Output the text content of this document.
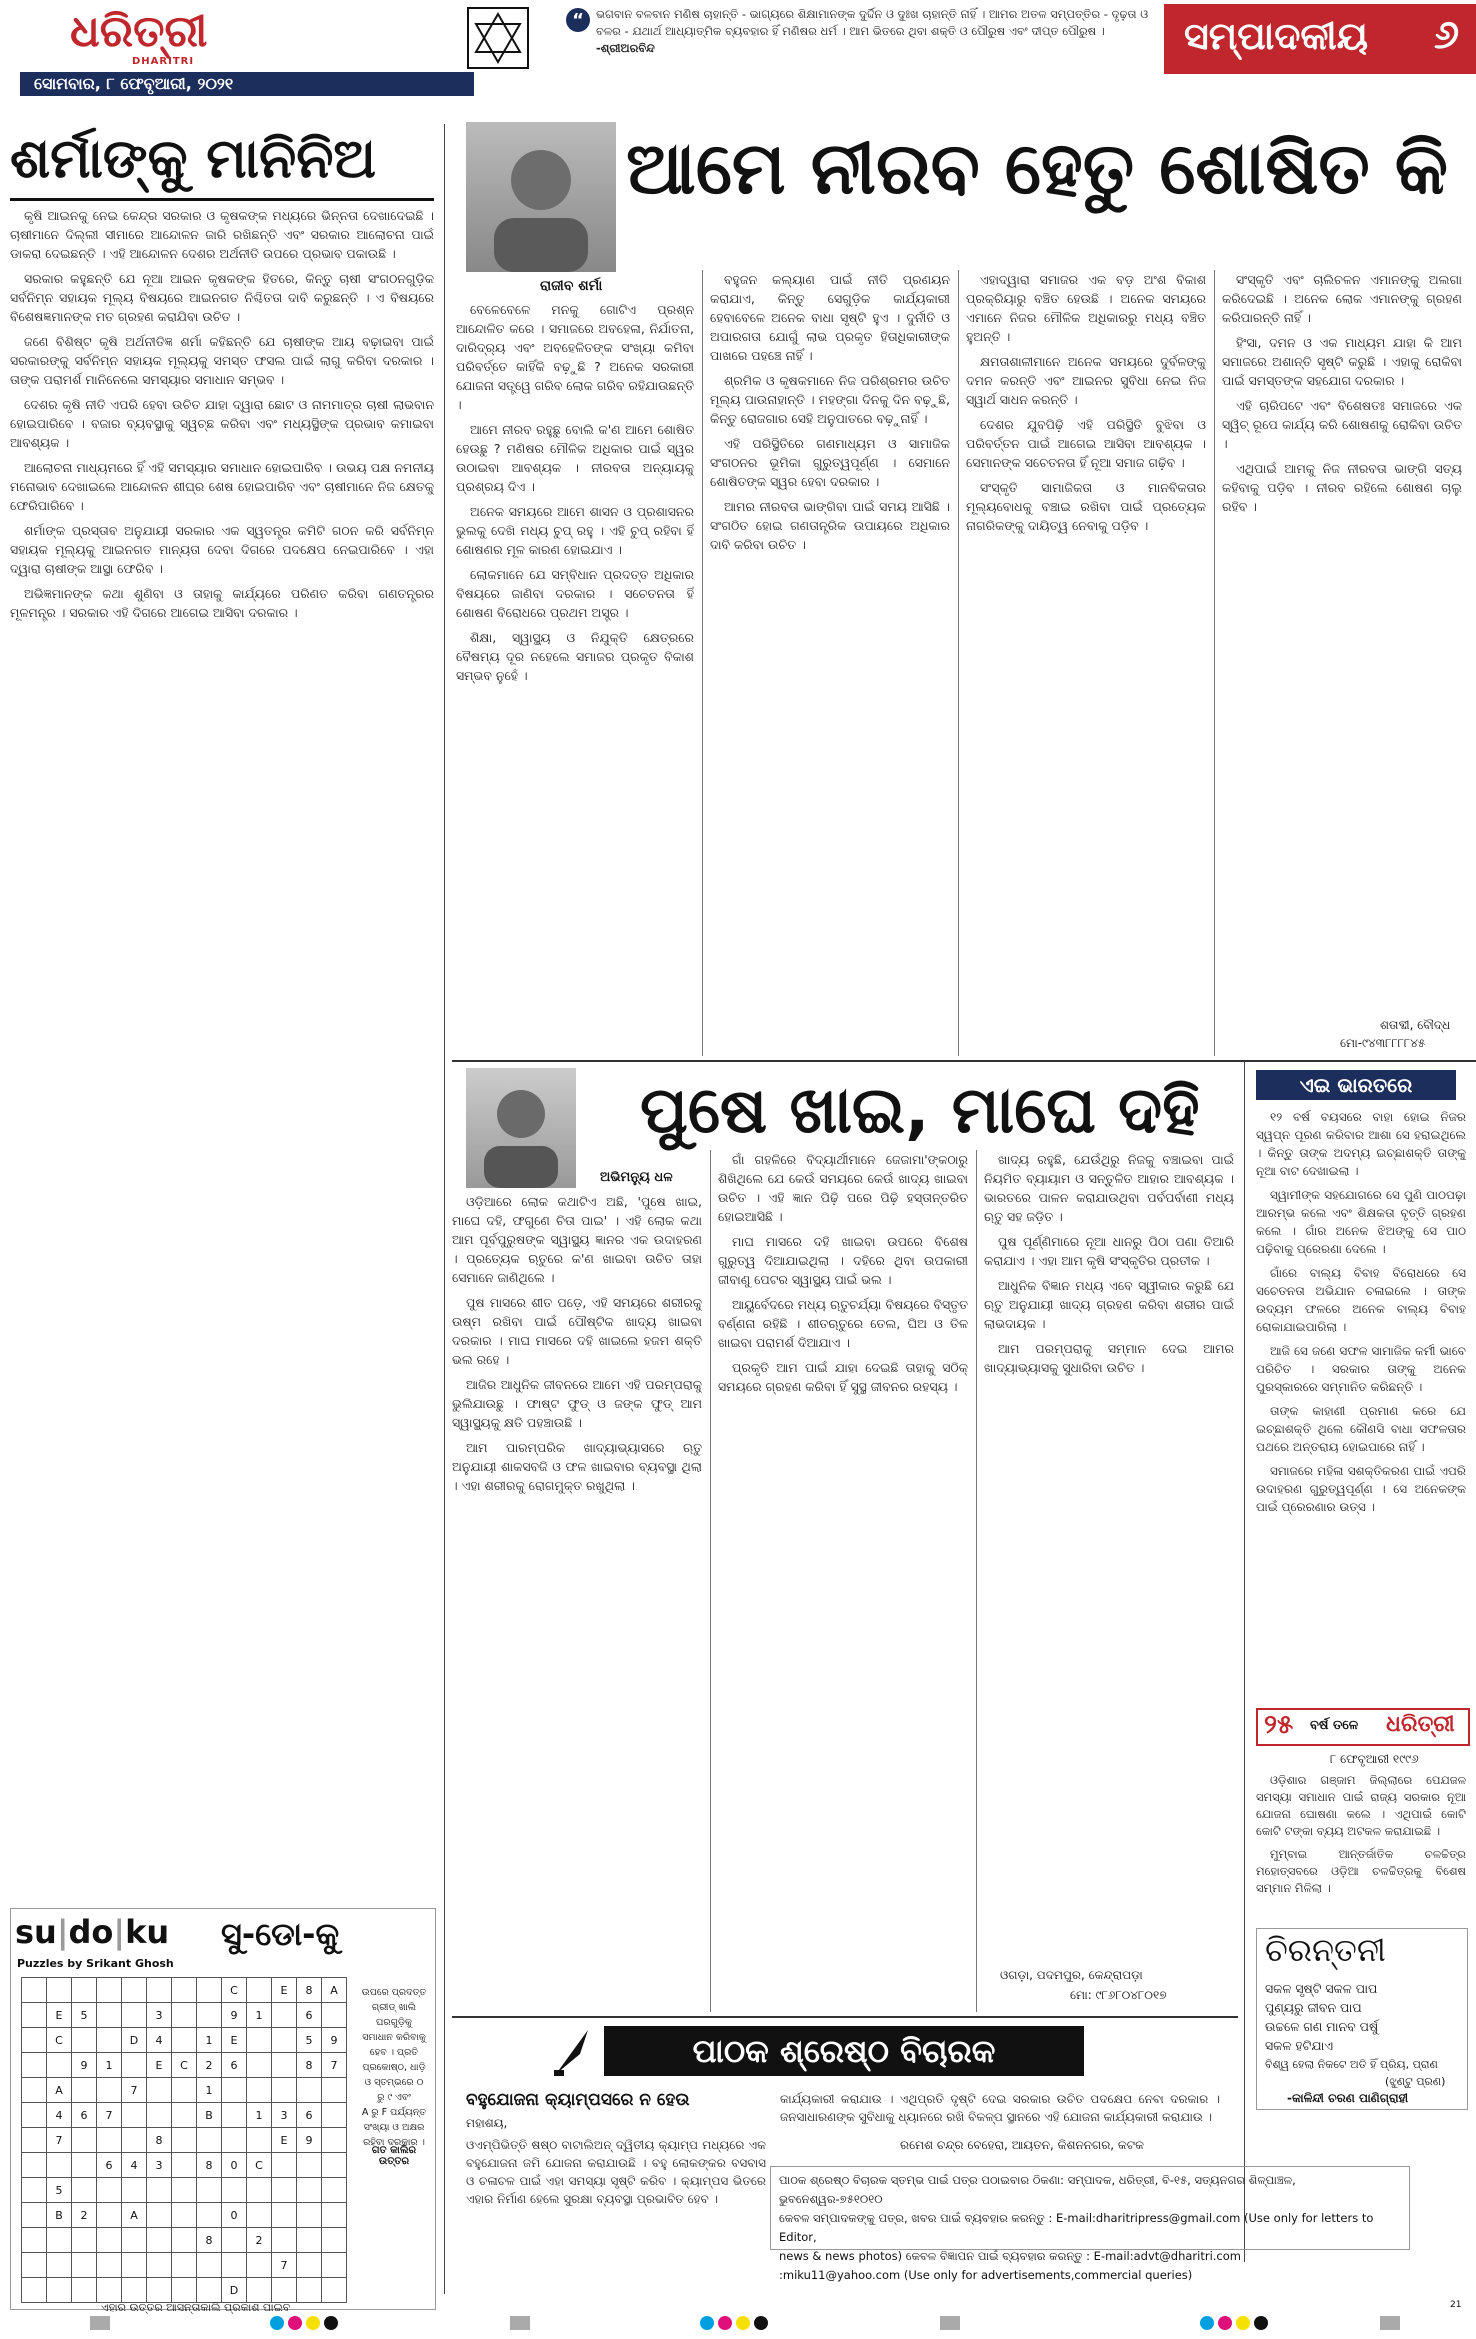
ଧରିତ୍ରୀ
DHARITRI
ସୋମବାର, ୮ ଫେବୃଆରୀ, ୨୦୨୧
“	ଭଗବାନ ବଳବାନ ମଣିଷ ଚାହାନ୍ତି - ଭାଗ୍ୟରେ ଶିକ୍ଷାମାନଙ୍କ ଦୁର୍ଦ୍ଦିନ ଓ ଦୁଃଖ ଚାହାନ୍ତି ନାହିଁ । ଆମର ଅତଳ ସମ୍ପତ୍ତିର - ଦୃଢ଼ତା ଓ ବଳର - ଯଥାର୍ଥ ଆଧ୍ୟାତ୍ମିକ ବ୍ୟବହାର ହିଁ ମଣିଷର ଧର୍ମ । ଆମ ଭିତରେ ଥିବା ଶକ୍ତି ଓ ପୌରୁଷ ଏବଂ ଦୀପ୍ତ ପୌରୁଷ । -ଶ୍ରୀଅରବିନ୍ଦ	ସମ୍ପାଦକୀୟ ୬
ଶର୍ମାଙ୍କୁ ମାନିନିଅ

କୃଷି ଆଇନକୁ ନେଇ କେନ୍ଦ୍ର ସରକାର ଓ କୃଷକଙ୍କ ମଧ୍ୟରେ ଭିନ୍ନତା ଦେଖାଦେଇଛି । ଚାଷୀମାନେ ଦିଲ୍ଲୀ ସୀମାରେ ଆନ୍ଦୋଳନ ଜାରି ରଖିଛନ୍ତି ଏବଂ ସରକାର ଆଲୋଚନା ପାଇଁ ଡାକରା ଦେଇଛନ୍ତି । ଏହି ଆନ୍ଦୋଳନ ଦେଶର ଅର୍ଥନୀତି ଉପରେ ପ୍ରଭାବ ପକାଉଛି ।

ସରକାର କହୁଛନ୍ତି ଯେ ନୂଆ ଆଇନ କୃଷକଙ୍କ ହିତରେ, କିନ୍ତୁ ଚାଷୀ ସଂଗଠନଗୁଡ଼ିକ ସର୍ବନିମ୍ନ ସହାୟକ ମୂଲ୍ୟ ବିଷୟରେ ଆଇନଗତ ନିଶ୍ଚିତତା ଦାବି କରୁଛନ୍ତି । ଏ ବିଷୟରେ ବିଶେଷଜ୍ଞମାନଙ୍କ ମତ ଗ୍ରହଣ କରାଯିବା ଉଚିତ ।

ଜଣେ ବିଶିଷ୍ଟ କୃଷି ଅର୍ଥନୀତିଜ୍ଞ ଶର୍ମା କହିଛନ୍ତି ଯେ ଚାଷୀଙ୍କ ଆୟ ବଢ଼ାଇବା ପାଇଁ ସରକାରଙ୍କୁ ସର୍ବନିମ୍ନ ସହାୟକ ମୂଲ୍ୟକୁ ସମସ୍ତ ଫସଲ ପାଇଁ ଲାଗୁ କରିବା ଦରକାର । ତାଙ୍କ ପରାମର୍ଶ ମାନିନେଲେ ସମସ୍ୟାର ସମାଧାନ ସମ୍ଭବ ।

ଦେଶର କୃଷି ନୀତି ଏପରି ହେବା ଉଚିତ ଯାହା ଦ୍ୱାରା ଛୋଟ ଓ ନାମମାତ୍ର ଚାଷୀ ଲାଭବାନ ହୋଇପାରିବେ । ବଜାର ବ୍ୟବସ୍ଥାକୁ ସ୍ୱଚ୍ଛ କରିବା ଏବଂ ମଧ୍ୟସ୍ଥିଙ୍କ ପ୍ରଭାବ କମାଇବା ଆବଶ୍ୟକ ।

ଆଲୋଚନା ମାଧ୍ୟମରେ ହିଁ ଏହି ସମସ୍ୟାର ସମାଧାନ ହୋଇପାରିବ । ଉଭୟ ପକ୍ଷ ନମନୀୟ ମନୋଭାବ ଦେଖାଇଲେ ଆନ୍ଦୋଳନ ଶୀଘ୍ର ଶେଷ ହୋଇପାରିବ ଏବଂ ଚାଷୀମାନେ ନିଜ କ୍ଷେତକୁ ଫେରିପାରିବେ ।

ଶର୍ମାଙ୍କ ପ୍ରସ୍ତାବ ଅନୁଯାୟୀ ସରକାର ଏକ ସ୍ୱତନ୍ତ୍ର କମିଟି ଗଠନ କରି ସର୍ବନିମ୍ନ ସହାୟକ ମୂଲ୍ୟକୁ ଆଇନଗତ ମାନ୍ୟତା ଦେବା ଦିଗରେ ପଦକ୍ଷେପ ନେଇପାରିବେ । ଏହା ଦ୍ୱାରା ଚାଷୀଙ୍କ ଆସ୍ଥା ଫେରିବ ।

ଅଭିଜ୍ଞମାନଙ୍କ କଥା ଶୁଣିବା ଓ ତାହାକୁ କାର୍ଯ୍ୟରେ ପରିଣତ କରିବା ଗଣତନ୍ତ୍ରର ମୂଳମନ୍ତ୍ର । ସରକାର ଏହି ଦିଗରେ ଆଗେଇ ଆସିବା ଦରକାର ।

su|do|ku
Puzzles by Srikant Ghosh
ସୁ-ଡୋ-କୁ
								C		E	8	A
	E	5			3			9	1		6	
	C			D	4		1	E			5	9
		9	1		E	C	2	6			8	7
	A			7			1					
	4	6	7				B		1	3	6	
	7				8					E	9	
			6	4	3		8	0	C			
	5											
	B	2		A				0				
							8		2			
										7		
								D				
ଏହାର ଉତ୍ତର ଆସନ୍ତାକାଲି ପ୍ରକାଶ ପାଇବ
ଉପରେ ପ୍ରଦତ୍ତ
ଗ୍ରୀଡ୍ ଖାଲି ଘରଗୁଡ଼ିକୁ
ସମାଧାନ କରିବାକୁ
ହେବ । ପ୍ରତି
ପ୍ରକୋଷ୍ଠ, ଧାଡ଼ି
ଓ ସ୍ତମ୍ଭରେ ୦
ରୁ ୯ ଏବଂ
A ରୁ F ପର୍ଯ୍ୟନ୍ତ
ସଂଖ୍ୟା ଓ ଅକ୍ଷର
ରହିବା ଦରକାର ।
ଗତ କାଲିର ଉତ୍ତର
ଆମେ ନୀରବ ହେତୁ ଶୋଷିତ କି
ରାଜୀବ ଶର୍ମା

ବେଳେବେଳେ ମନକୁ ଗୋଟିଏ ପ୍ରଶ୍ନ ଆନ୍ଦୋଳିତ କରେ । ସମାଜରେ ଅବହେଳା, ନିର୍ଯାତନା, ଦାରିଦ୍ର୍ୟ ଏବଂ ଅବହେଳିତଙ୍କ ସଂଖ୍ୟା କମିବା ପରିବର୍ତ୍ତେ କାହିଁକି ବଢ଼ୁଛି ? ଅନେକ ସରକାରୀ ଯୋଜନା ସତ୍ତ୍ୱେ ଗରିବ ଲୋକ ଗରିବ ରହିଯାଉଛନ୍ତି ।

ଆମେ ନୀରବ ରହୁଛୁ ବୋଲି କ'ଣ ଆମେ ଶୋଷିତ ହେଉଛୁ ? ମଣିଷର ମୌଳିକ ଅଧିକାର ପାଇଁ ସ୍ୱର ଉଠାଇବା ଆବଶ୍ୟକ । ନୀରବତା ଅନ୍ୟାୟକୁ ପ୍ରଶ୍ରୟ ଦିଏ ।

ଅନେକ ସମୟରେ ଆମେ ଶାସନ ଓ ପ୍ରଶାସନର ଭୁଲକୁ ଦେଖି ମଧ୍ୟ ଚୁପ୍ ରହୁ । ଏହି ଚୁପ୍ ରହିବା ହିଁ ଶୋଷଣର ମୂଳ କାରଣ ହୋଇଯାଏ ।

ଲୋକମାନେ ଯେ ସମ୍ବିଧାନ ପ୍ରଦତ୍ତ ଅଧିକାର ବିଷୟରେ ଜାଣିବା ଦରକାର । ସଚେତନତା ହିଁ ଶୋଷଣ ବିରୋଧରେ ପ୍ରଥମ ଅସ୍ତ୍ର ।

ଶିକ୍ଷା, ସ୍ୱାସ୍ଥ୍ୟ ଓ ନିଯୁକ୍ତି କ୍ଷେତ୍ରରେ ବୈଷମ୍ୟ ଦୂର ନହେଲେ ସମାଜର ପ୍ରକୃତ ବିକାଶ ସମ୍ଭବ ନୁହେଁ ।

ବହୁଜନ କଲ୍ୟାଣ ପାଇଁ ନୀତି ପ୍ରଣୟନ କରାଯାଏ, କିନ୍ତୁ ସେଗୁଡ଼ିକ କାର୍ଯ୍ୟକାରୀ ହେବାବେଳେ ଅନେକ ବାଧା ସୃଷ୍ଟି ହୁଏ । ଦୁର୍ନୀତି ଓ ଅପାରଗତା ଯୋଗୁଁ ଲାଭ ପ୍ରକୃତ ହିତାଧିକାରୀଙ୍କ ପାଖରେ ପହଞ୍ଚେ ନାହିଁ ।

ଶ୍ରମିକ ଓ କୃଷକମାନେ ନିଜ ପରିଶ୍ରମର ଉଚିତ ମୂଲ୍ୟ ପାଉନାହାନ୍ତି । ମହଙ୍ଗା ଦିନକୁ ଦିନ ବଢ଼ୁଛି, କିନ୍ତୁ ରୋଜଗାର ସେହି ଅନୁପାତରେ ବଢ଼ୁନାହିଁ ।

ଏହି ପରିସ୍ଥିତିରେ ଗଣମାଧ୍ୟମ ଓ ସାମାଜିକ ସଂଗଠନର ଭୂମିକା ଗୁରୁତ୍ୱପୂର୍ଣ୍ଣ । ସେମାନେ ଶୋଷିତଙ୍କ ସ୍ୱର ହେବା ଦରକାର ।

ଆମର ନୀରବତା ଭାଙ୍ଗିବା ପାଇଁ ସମୟ ଆସିଛି । ସଂଗଠିତ ହୋଇ ଗଣତାନ୍ତ୍ରିକ ଉପାୟରେ ଅଧିକାର ଦାବି କରିବା ଉଚିତ ।

ଏହାଦ୍ୱାରା ସମାଜର ଏକ ବଡ଼ ଅଂଶ ବିକାଶ ପ୍ରକ୍ରିୟାରୁ ବଞ୍ଚିତ ହେଉଛି । ଅନେକ ସମୟରେ ଏମାନେ ନିଜର ମୌଳିକ ଅଧିକାରରୁ ମଧ୍ୟ ବଞ୍ଚିତ ହୁଅନ୍ତି ।

କ୍ଷମତାଶାଳୀମାନେ ଅନେକ ସମୟରେ ଦୁର୍ବଳଙ୍କୁ ଦମନ କରନ୍ତି ଏବଂ ଆଇନର ସୁବିଧା ନେଇ ନିଜ ସ୍ୱାର୍ଥ ସାଧନ କରନ୍ତି ।

ଦେଶର ଯୁବପିଢ଼ି ଏହି ପରିସ୍ଥିତି ବୁଝିବା ଓ ପରିବର୍ତ୍ତନ ପାଇଁ ଆଗେଇ ଆସିବା ଆବଶ୍ୟକ । ସେମାନଙ୍କ ସଚେତନତା ହିଁ ନୂଆ ସମାଜ ଗଢ଼ିବ ।

ସଂସ୍କୃତି ସାମାଜିକତା ଓ ମାନବିକତାର ମୂଲ୍ୟବୋଧକୁ ବଞ୍ଚାଇ ରଖିବା ପାଇଁ ପ୍ରତ୍ୟେକ ନାଗରିକଙ୍କୁ ଦାୟିତ୍ୱ ନେବାକୁ ପଡ଼ିବ ।

ସଂସ୍କୃତି ଏବଂ ଚାଲିଚଳନ ଏମାନଙ୍କୁ ଅଲଗା କରିଦେଇଛି । ଅନେକ ଲୋକ ଏମାନଙ୍କୁ ଗ୍ରହଣ କରିପାରନ୍ତି ନାହିଁ ।

ହିଂସା, ଦମନ ଓ ଏକ ମାଧ୍ୟମ ଯାହା କି ଆମ ସମାଜରେ ଅଶାନ୍ତି ସୃଷ୍ଟି କରୁଛି । ଏହାକୁ ରୋକିବା ପାଇଁ ସମସ୍ତଙ୍କ ସହଯୋଗ ଦରକାର ।

ଏହି ଚାରିପଟେ ଏବଂ ବିଶେଷତଃ ସମାଜରେ ଏକ ସ୍ୱିଚ୍ ରୂପେ କାର୍ଯ୍ୟ କରି ଶୋଷଣକୁ ରୋକିବା ଉଚିତ ।

ଏଥିପାଇଁ ଆମକୁ ନିଜ ନୀରବତା ଭାଙ୍ଗି ସତ୍ୟ କହିବାକୁ ପଡ଼ିବ । ନୀରବ ରହିଲେ ଶୋଷଣ ଚାଲୁ ରହିବ ।

ଶତାବ୍ଦୀ, ବୌଦ୍ଧ
ମୋ-୯୪୩୮୮୮୮୪୫
ପୁଷେ ଖାଇ, ମାଘେ ଦହି
ଅଭିମନ୍ୟୁ ଧଳ

ଓଡ଼ିଆରେ ଲୋକ କଥାଟିଏ ଅଛି, 'ପୁଷେ ଖାଇ, ମାଘେ ଦହି, ଫଗୁଣେ ଚିତା ପାଇ' । ଏହି ଲୋକ କଥା ଆମ ପୂର୍ବପୁରୁଷଙ୍କ ସ୍ୱାସ୍ଥ୍ୟ ଜ୍ଞାନର ଏକ ଉଦାହରଣ । ପ୍ରତ୍ୟେକ ଋତୁରେ କ'ଣ ଖାଇବା ଉଚିତ ତାହା ସେମାନେ ଜାଣିଥିଲେ ।

ପୁଷ ମାସରେ ଶୀତ ପଡ଼େ, ଏହି ସମୟରେ ଶରୀରକୁ ଉଷ୍ମ ରଖିବା ପାଇଁ ପୌଷ୍ଟିକ ଖାଦ୍ୟ ଖାଇବା ଦରକାର । ମାଘ ମାସରେ ଦହି ଖାଇଲେ ହଜମ ଶକ୍ତି ଭଲ ରହେ ।

ଆଜିର ଆଧୁନିକ ଜୀବନରେ ଆମେ ଏହି ପରମ୍ପରାକୁ ଭୁଲିଯାଉଛୁ । ଫାଷ୍ଟ ଫୁଡ୍ ଓ ଜଙ୍କ ଫୁଡ୍ ଆମ ସ୍ୱାସ୍ଥ୍ୟକୁ କ୍ଷତି ପହଞ୍ଚାଉଛି ।

ଆମ ପାରମ୍ପରିକ ଖାଦ୍ୟାଭ୍ୟାସରେ ଋତୁ ଅନୁଯାୟୀ ଶାକସବଜି ଓ ଫଳ ଖାଇବାର ବ୍ୟବସ୍ଥା ଥିଲା । ଏହା ଶରୀରକୁ ରୋଗମୁକ୍ତ ରଖୁଥିଲା ।

ଗାଁ ଗହଳିରେ ବିଦ୍ୟାର୍ଥୀମାନେ ଜେଜାମା'ଙ୍କଠାରୁ ଶିଖିଥିଲେ ଯେ କେଉଁ ସମୟରେ କେଉଁ ଖାଦ୍ୟ ଖାଇବା ଉଚିତ । ଏହି ଜ୍ଞାନ ପିଢ଼ି ପରେ ପିଢ଼ି ହସ୍ତାନ୍ତରିତ ହୋଇଆସିଛି ।

ମାଘ ମାସରେ ଦହି ଖାଇବା ଉପରେ ବିଶେଷ ଗୁରୁତ୍ୱ ଦିଆଯାଇଥିଲା । ଦହିରେ ଥିବା ଉପକାରୀ ଜୀବାଣୁ ପେଟର ସ୍ୱାସ୍ଥ୍ୟ ପାଇଁ ଭଲ ।

ଆୟୁର୍ବେଦରେ ମଧ୍ୟ ଋତୁଚର୍ଯ୍ୟା ବିଷୟରେ ବିସ୍ତୃତ ବର୍ଣ୍ଣନା ରହିଛି । ଶୀତଋତୁରେ ତେଲ, ଘିଅ ଓ ତିଳ ଖାଇବା ପରାମର୍ଶ ଦିଆଯାଏ ।

ପ୍ରକୃତି ଆମ ପାଇଁ ଯାହା ଦେଇଛି ତାହାକୁ ସଠିକ୍ ସମୟରେ ଗ୍ରହଣ କରିବା ହିଁ ସୁସ୍ଥ ଜୀବନର ରହସ୍ୟ ।

ଖାଦ୍ୟ ରହୁଛି, ଯେଉଁଥିରୁ ନିଜକୁ ବଞ୍ଚାଇବା ପାଇଁ ନିୟମିତ ବ୍ୟାୟାମ ଓ ସନ୍ତୁଳିତ ଆହାର ଆବଶ୍ୟକ । ଭାରତରେ ପାଳନ କରାଯାଉଥିବା ପର୍ବପର୍ବାଣୀ ମଧ୍ୟ ଋତୁ ସହ ଜଡ଼ିତ ।

ପୁଷ ପୂର୍ଣ୍ଣିମାରେ ନୂଆ ଧାନରୁ ପିଠା ପଣା ତିଆରି କରାଯାଏ । ଏହା ଆମ କୃଷି ସଂସ୍କୃତିର ପ୍ରତୀକ ।

ଆଧୁନିକ ବିଜ୍ଞାନ ମଧ୍ୟ ଏବେ ସ୍ୱୀକାର କରୁଛି ଯେ ଋତୁ ଅନୁଯାୟୀ ଖାଦ୍ୟ ଗ୍ରହଣ କରିବା ଶରୀର ପାଇଁ ଲାଭଦାୟକ ।

ଆମ ପରମ୍ପରାକୁ ସମ୍ମାନ ଦେଇ ଆମର ଖାଦ୍ୟାଭ୍ୟାସକୁ ସୁଧାରିବା ଉଚିତ ।

ଓଗଡ଼ା, ପଦମପୁର, କେନ୍ଦ୍ରାପଡ଼ା
ମୋ: ୯୮୬୮୦୪୮୦୧୭
ଏଇ ଭାରତରେ

୧୨ ବର୍ଷ ବୟସରେ ବାହା ହୋଇ ନିଜର ସ୍ୱପ୍ନ ପୂରଣ କରିବାର ଆଶା ସେ ହରାଇଥିଲେ । କିନ୍ତୁ ତାଙ୍କ ଅଦମ୍ୟ ଇଚ୍ଛାଶକ୍ତି ତାଙ୍କୁ ନୂଆ ବାଟ ଦେଖାଇଲା ।

ସ୍ୱାମୀଙ୍କ ସହଯୋଗରେ ସେ ପୁଣି ପାଠପଢ଼ା ଆରମ୍ଭ କଲେ ଏବଂ ଶିକ୍ଷକତା ବୃତ୍ତି ଗ୍ରହଣ କଲେ । ଗାଁର ଅନେକ ଝିଅଙ୍କୁ ସେ ପାଠ ପଢ଼ିବାକୁ ପ୍ରେରଣା ଦେଲେ ।

ଗାଁରେ ବାଲ୍ୟ ବିବାହ ବିରୋଧରେ ସେ ସଚେତନତା ଅଭିଯାନ ଚଳାଇଲେ । ତାଙ୍କ ଉଦ୍ୟମ ଫଳରେ ଅନେକ ବାଲ୍ୟ ବିବାହ ରୋକାଯାଇପାରିଲା ।

ଆଜି ସେ ଜଣେ ସଫଳ ସାମାଜିକ କର୍ମୀ ଭାବେ ପରିଚିତ । ସରକାର ତାଙ୍କୁ ଅନେକ ପୁରସ୍କାରରେ ସମ୍ମାନିତ କରିଛନ୍ତି ।

ତାଙ୍କ କାହାଣୀ ପ୍ରମାଣ କରେ ଯେ ଇଚ୍ଛାଶକ୍ତି ଥିଲେ କୌଣସି ବାଧା ସଫଳତାର ପଥରେ ଅନ୍ତରାୟ ହୋଇପାରେ ନାହିଁ ।

ସମାଜରେ ମହିଳା ସଶକ୍ତିକରଣ ପାଇଁ ଏପରି ଉଦାହରଣ ଗୁରୁତ୍ୱପୂର୍ଣ୍ଣ । ସେ ଅନେକଙ୍କ ପାଇଁ ପ୍ରେରଣାର ଉତ୍ସ ।

୨୫ ବର୍ଷ ତଳେ ଧରିତ୍ରୀ
୮ ଫେବୃଆରୀ ୧୯୯୬

ଓଡ଼ିଶାର ଗଞ୍ଜାମ ଜିଲ୍ଲାରେ ପେଯଜଳ ସମସ୍ୟା ସମାଧାନ ପାଇଁ ରାଜ୍ୟ ସରକାର ନୂଆ ଯୋଜନା ଘୋଷଣା କଲେ । ଏଥିପାଇଁ କୋଟି କୋଟି ଟଙ୍କା ବ୍ୟୟ ଅଟକଳ କରାଯାଇଛି ।

ମୁମ୍ବାଇ ଆନ୍ତର୍ଜାତିକ ଚଳଚ୍ଚିତ୍ର ମହୋତ୍ସବରେ ଓଡ଼ିଆ ଚଳଚ୍ଚିତ୍ରକୁ ବିଶେଷ ସମ୍ମାନ ମିଳିଲା ।

ଚିରନ୍ତନୀ
ସକଳ ସୃଷ୍ଟି ସକଳ ପାପ
ପୁଣ୍ୟରୁ ଜୀବନ ପାପ
ଉଚ୍ଚଳେ ଗଣ ମାନବ ପର୍ଷୁ
ସକଳ ହଟିଯାଏ
ବିଶ୍ୱ ହେଲା ନିକଟେ ଅତି ହିଁ ପ୍ରିୟ, ପ୍ରାଣ
(ଝୁଣ୍ଟୁ ପ୍ରଣ)
-କାଳିନ୍ଦୀ ଚରଣ ପାଣିଗ୍ରାହୀ
ପାଠକ ଶ୍ରେଷ୍ଠ ବିଚାରକ
ବହୁଯୋଜନା କ୍ୟାମ୍ପସରେ ନ ହେଉ
ମହାଶୟ,
ଓଏମ୍ପିଭିତ୍ତି ଷଷ୍ଠ ବାଟାଲିଅନ୍ ଦ୍ୱିତୀୟ କ୍ୟାମ୍ପ ମଧ୍ୟରେ ଏକ ବହୁଯୋଜନା ଜମି ଯୋଜନା କରାଯାଉଛି । ବହୁ ଲୋକଙ୍କର ବସବାସ ଓ ଚଳାଚଳ ପାଇଁ ଏହା ସମସ୍ୟା ସୃଷ୍ଟି କରିବ । କ୍ୟାମ୍ପସ ଭିତରେ ଏହାର ନିର୍ମାଣ ହେଲେ ସୁରକ୍ଷା ବ୍ୟବସ୍ଥା ପ୍ରଭାବିତ ହେବ ।
କାର୍ଯ୍ୟକାରୀ କରାଯାଉ । ଏଥିପ୍ରତି ଦୃଷ୍ଟି ଦେଇ ସରକାର ଉଚିତ ପଦକ୍ଷେପ ନେବା ଦରକାର । ଜନସାଧାରଣଙ୍କ ସୁବିଧାକୁ ଧ୍ୟାନରେ ରଖି ବିକଳ୍ପ ସ୍ଥାନରେ ଏହି ଯୋଜନା କାର୍ଯ୍ୟକାରୀ କରାଯାଉ ।
ରମେଶ ଚନ୍ଦ୍ର ବେହେରା, ଆୟତନ, କିଶନନଗର, କଟକ
ପାଠକ ଶ୍ରେଷ୍ଠ ବିଚାରକ ସ୍ତମ୍ଭ ପାଇଁ ପତ୍ର ପଠାଇବାର ଠିକଣା: ସମ୍ପାଦକ, ଧରିତ୍ରୀ, ବି-୧୫, ସତ୍ୟନଗର ଶିଳ୍ପାଞ୍ଚଳ, ଭୁବନେଶ୍ୱର-୭୫୧୦୧୦
କେବଳ ସମ୍ପାଦକଙ୍କୁ ପତ୍ର, ଖବର ପାଇଁ ବ୍ୟବହାର କରନ୍ତୁ : E-mail:dharitripress@gmail.com (Use only for letters to Editor,
news & news photos) କେବଳ ବିଜ୍ଞାପନ ପାଇଁ ବ୍ୟବହାର କରନ୍ତୁ : E-mail:advt@dharitri.com
:miku11@yahoo.com (Use only for advertisements,commercial queries)
21
